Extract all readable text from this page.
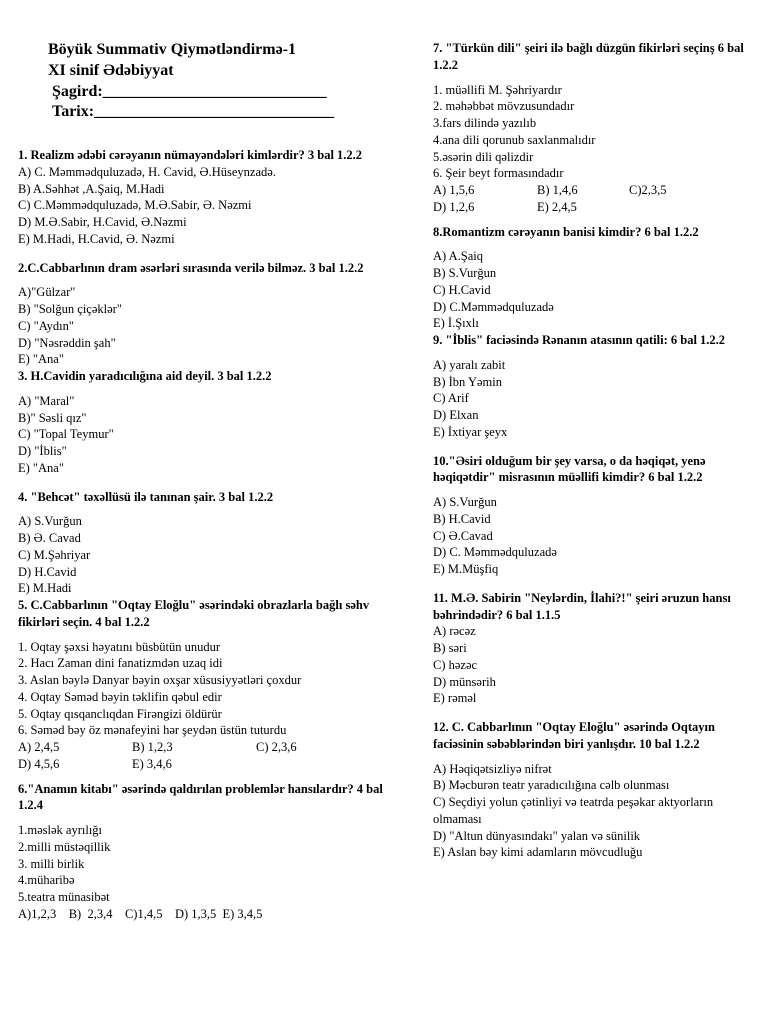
Böyük Summativ Qiymətləndirmə-1
XI sinif Ədəbiyyat
Şagird:____________________________
Tarix:______________________________
1. Realizm ədəbi cərəyanın nümayəndələri kimlərdir? 3 bal 1.2.2
A) C. Məmmədquluzadə, H. Cavid, Ə.Hüseynzadə.
B) A.Səhhət ,A.Şaiq, M.Hadi
C) C.Məmmədquluzadə, M.Ə.Sabir, Ə. Nəzmi
D) M.Ə.Sabir, H.Cavid, Ə.Nəzmi
E) M.Hadi, H.Cavid, Ə. Nəzmi
2.C.Cabbarlının dram əsərləri sırasında verilə bilməz. 3 bal 1.2.2
A)"Gülzar"
B) "Solğun çiçəklər"
C) "Aydın"
D) "Nəsrəddin şah"
E) "Ana"
3. H.Cavidin yaradıcılığına aid deyil. 3 bal 1.2.2
A) "Maral"
B)" Səsli qız"
C) "Topal Teymur"
D) "İblis"
E) "Ana"
4. "Behcət" təxəllüsü ilə tanınan şair. 3 bal 1.2.2
A) S.Vurğun
B) Ə. Cavad
C) M.Şəhriyar
D) H.Cavid
E) M.Hadi
5. C.Cabbarlının "Oqtay Eloğlu" əsərindəki obrazlarla bağlı səhv fikirləri seçin. 4 bal 1.2.2
1. Oqtay şəxsi həyatını büsbütün unudur
2. Hacı Zaman dini fanatizmdən uzaq idi
3. Aslan bəylə Danyar bəyin oxşar xüsusiyyətləri çoxdur
4. Oqtay Səməd bəyin təklifin qəbul edir
5. Oqtay qısqanclıqdan Firəngizi öldürür
6. Səməd bəy öz mənafeyini hər şeydən üstün tuturdu
A) 2,4,5	B) 1,2,3	C) 2,3,6
D) 4,5,6	E) 3,4,6
6."Anamın kitabı" əsərində qaldırılan problemlər hansılardır? 4 bal 1.2.4
1.məslək ayrılığı
2.milli müstəqillik
3. milli birlik
4.müharibə
5.teatra münasibət
A)1,2,3    B)  2,3,4    C)1,4,5    D) 1,3,5  E) 3,4,5
7. "Türkün dili" şeiri ilə bağlı düzgün fikirləri seçinş 6 bal 1.2.2
1. müəllifi M. Şəhriyardır
2. məhəbbət mövzusundadır
3.fars dilində yazılıb
4.ana dili qorunub saxlanmalıdır
5.əsərin dili qəlizdir
6. Şeir beyt formasındadır
A) 1,5,6	B) 1,4,6	C)2,3,5
D) 1,2,6	E) 2,4,5
8.Romantizm cərəyanın banisi kimdir? 6 bal 1.2.2
A) A.Şaiq
B) S.Vurğun
C) H.Cavid
D) C.Məmmədquluzadə
E) İ.Şıxlı
9. "İblis" faciəsində Rənanın atasının qatili: 6 bal 1.2.2
A) yaralı zabit
B) İbn Yəmin
C) Arif
D) Elxan
E) İxtiyar şeyx
10."Əsiri olduğum bir şey varsa, o da həqiqət, yenə həqiqətdir" misrasının müəllifi kimdir? 6 bal 1.2.2
A) S.Vurğun
B) H.Cavid
C) Ə.Cavad
D) C. Məmmədquluzadə
E) M.Müşfiq
11. M.Ə. Sabirin "Neylərdin, İlahi?!" şeiri əruzun hansı bəhrindədir? 6 bal 1.1.5
A) rəcəz
B) səri
C) həzəc
D) münsərih
E) rəməl
12. C. Cabbarlının "Oqtay Eloğlu" əsərində Oqtayın faciəsinin səbəblərindən biri yanlışdır. 10 bal 1.2.2
A) Həqiqətsizliyə nifrət
B) Məcburən teatr yaradıcılığına cəlb olunması
C) Seçdiyi yolun çətinliyi və teatrda peşəkar aktyorların olmaması
D) "Altun dünyasındakı" yalan və sünilik
E) Aslan bəy kimi adamların mövcudluğu
